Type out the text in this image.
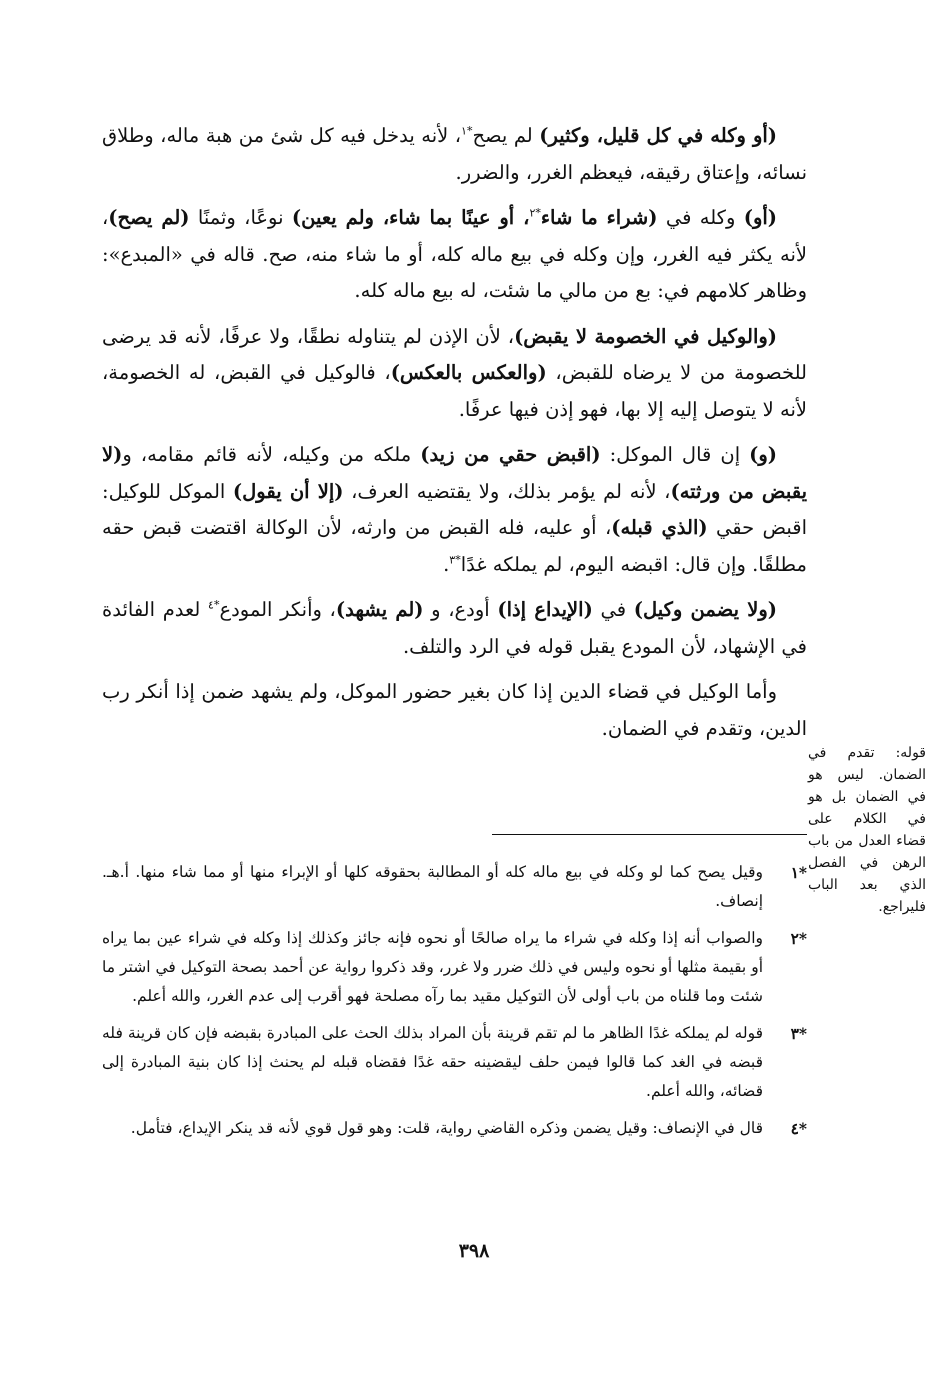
(أو وكله في كل قليل، وكثير) لم يصح$^{*١}$، لأنه يدخل فيه كل شئ من هبة ماله، وطلاق نسائه، وإعتاق رقيقه، فيعظم الغرر، والضرر.

(أو) وكله في (شراء ما شاء$^{*٢}$، أو عينًا بما شاء، ولم يعين) نوعًا، وثمنًا (لم يصح)، لأنه يكثر فيه الغرر، وإن وكله في بيع ماله كله، أو ما شاء منه، صح. قاله في «المبدع»: وظاهر كلامهم في: بع من مالي ما شئت، له بيع ماله كله.

(والوكيل في الخصومة لا يقبض)، لأن الإذن لم يتناوله نطقًا، ولا عرفًا، لأنه قد يرضى للخصومة من لا يرضاه للقبض، (والعكس بالعكس)، فالوكيل في القبض، له الخصومة، لأنه لا يتوصل إليه إلا بها، فهو إذن فيها عرفًا.

(و) إن قال الموكل: (اقبض حقي من زيد) ملكه من وكيله، لأنه قائم مقامه، و(لا يقبض من ورثته)، لأنه لم يؤمر بذلك، ولا يقتضيه العرف، (إلا أن يقول) الموكل للوكيل: اقبض حقي (الذي قبله)، أو عليه، فله القبض من وارثه، لأن الوكالة اقتضت قبض حقه مطلقًا. وإن قال: اقبضه اليوم، لم يملكه غدًا$^{*٣}$.

(ولا يضمن وكيل) في (الإيداع إذا) أودع، و (لم يشهد)، وأنكر المودع$^{*٤}$ لعدم الفائدة في الإشهاد، لأن المودع يقبل قوله في الرد والتلف.

وأما الوكيل في قضاء الدين إذا كان بغير حضور الموكل، ولم يشهد ضمن إذا أنكر رب الدين، وتقدم في الضمان.

قوله: تقدم في الضمان. ليس هو في الضمان بل هو في الكلام على قضاء العدل من باب الرهن في الفصل الذي بعد الباب فليراجع.
*١
وقيل يصح كما لو وكله في بيع ماله كله أو المطالبة بحقوقه كلها أو الإبراء منها أو مما شاء منها. أ.هـ. إنصاف.
*٢
والصواب أنه إذا وكله في شراء ما يراه صالحًا أو نحوه فإنه جائز وكذلك إذا وكله في شراء عين بما يراه أو بقيمة مثلها أو نحوه وليس في ذلك ضرر ولا غرر، وقد ذكروا رواية عن أحمد بصحة التوكيل في اشتر ما شئت وما قلناه من باب أولى لأن التوكيل مقيد بما رآه مصلحة فهو أقرب إلى عدم الغرر، والله أعلم.
*٣
قوله لم يملكه غدًا الظاهر ما لم تقم قرينة بأن المراد بذلك الحث على المبادرة بقبضه فإن كان قرينة فله قبضه في الغد كما قالوا فيمن حلف ليقضينه حقه غدًا فقضاه قبله لم يحنث إذا كان بنية المبادرة إلى قضائه، والله أعلم.
*٤
قال في الإنصاف: وقيل يضمن وذكره القاضي رواية، قلت: وهو قول قوي لأنه قد ينكر الإيداع، فتأمل.
٣٩٨
